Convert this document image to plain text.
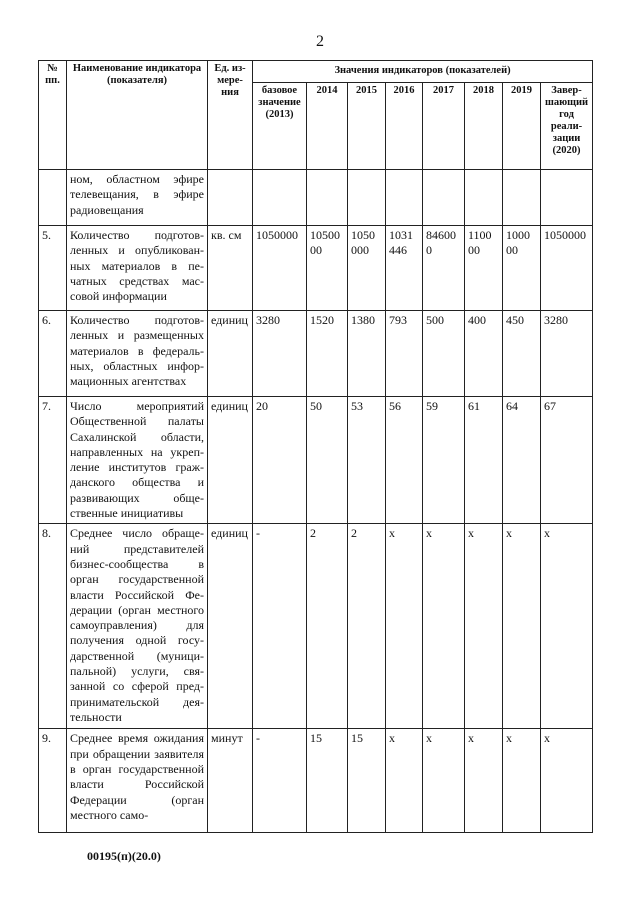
2
№ пп.	Наименование индикатора (показателя)	Ед. измерения	Значения индикаторов (показателей)							
			базовое значение (2013)	2014	2015	2016	2017	2018	2019	Завершающий год реализации (2020)
	ном, областном эфире телевещания, в эфире радиовещания									
5.	Количество подготовленных и опубликованных материалов в печатных средствах массовой информации	кв. см	1050000	1050000	1050 000	1031 446	846000	1100 00	1000 00	1050000
6.	Количество подготовленных и размещенных материалов в федеральных, областных информационных агентствах	единиц	3280	1520	1380	793	500	400	450	3280
7.	Число мероприятий Общественной палаты Сахалинской области, направленных на укрепление институтов гражданского общества и развивающих общественные инициативы	единиц	20	50	53	56	59	61	64	67
8.	Среднее число обращений представителей бизнес-сообщества в орган государственной власти Российской Федерации (орган местного самоуправления) для получения одной государственной (муниципальной) услуги, связанной со сферой предпринимательской деятельности	единиц	-	2	2	х	х	х	х	х
9.	Среднее время ожидания при обращении заявителя в орган государственной власти Российской Федерации (орган местного само-	минут	-	15	15	х	х	х	х	х
00195(п)(20.0)
